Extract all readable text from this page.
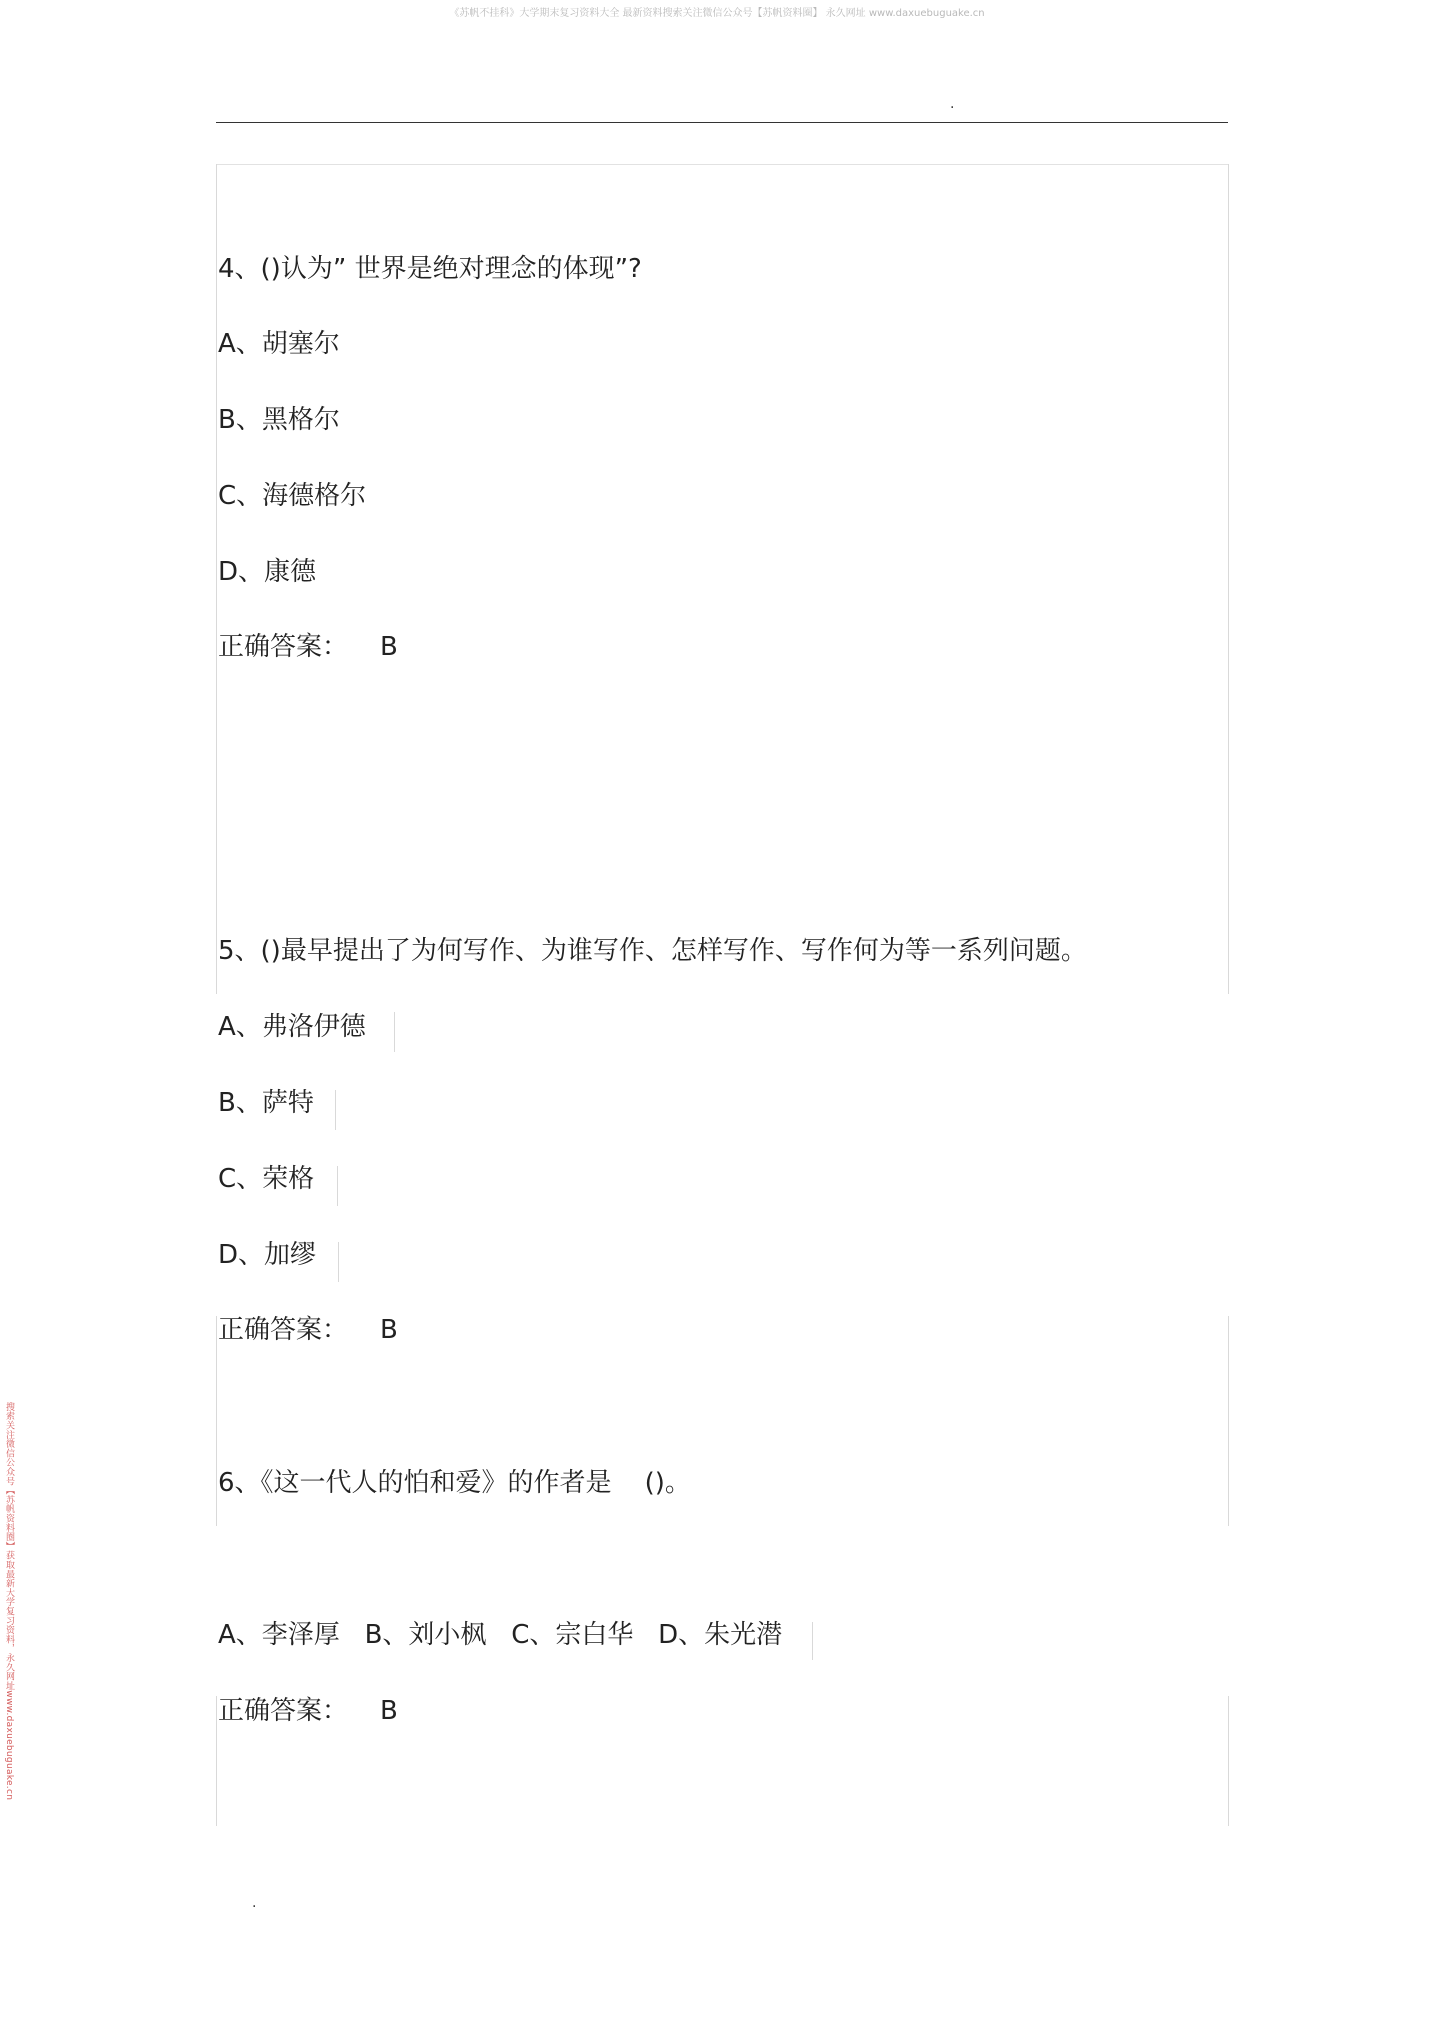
《苏帆不挂科》大学期末复习资料大全 最新资料搜索关注微信公众号【苏帆资料圈】 永久网址 www.daxuebuguake.cn
.
4、()认为” 世界是绝对理念的体现”?
A、胡塞尔
B、黑格尔
C、海德格尔
D、康德
正确答案： B
5、()最早提出了为何写作、为谁写作、怎样写作、写作何为等一系列问题。
A、弗洛伊德
B、萨特
C、荣格
D、加缪
正确答案： B
6、《这一代人的怕和爱》的作者是    ()。
A、李泽厚   B、刘小枫   C、宗白华   D、朱光潜
正确答案： B
搜索关注微信公众号【苏帆资料圈】获取最新大学复习资料，永久网址www.daxuebuguake.cn
.
